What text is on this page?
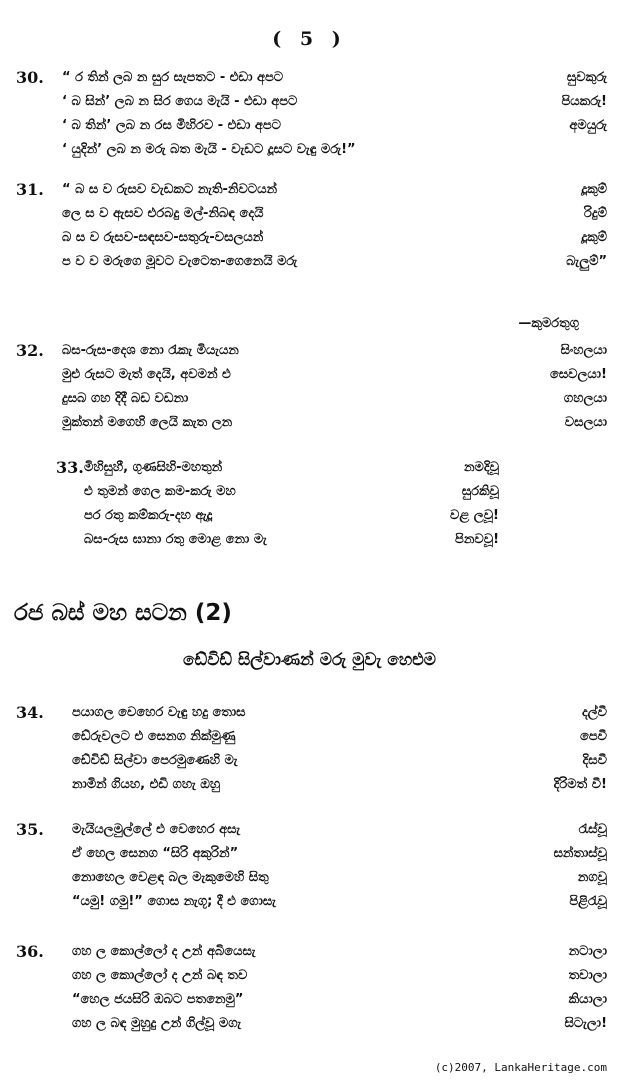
( 5 )
—කුමරතුගු
රජ බස් මහ සටන (2)
ඩේවිඩ් සිල්වාණන් මරු මුවැ හෙළුම
(c)2007, LankaHeritage.com
30. “ ර තින් ලබ න සුර සැපතට - එඩා අපට	සුවකුරු
‘ බ සින්’ ලබ න සිර ගෙය මැයි - එඩා අපට	පියකරු!
‘ බ තින්’ ලබ න රස මිහිරව - එඩා අපට	අමයුරු
‘ යුදින්’ ලබ න මරු බත මැයි - වැඩට දූසට වැඳු මරු!”
31. “ බ ස ව රුසව වැඩකට නැති-නිවටයන්	දූකුම්
ලෙ ස ව ඇසව එරබදු මල්-නිබඳ දෙයි	රිදුම්
බ ස ව රුසව-සඳසව-සතුරු-වසලයන්	දූකුම්
ප ව ව මරුගෙ මූවට වැටෙත-ගෙනෙයි මරු	බැලුම්”
32. බස-රුස-දෙශ නො රැකැ මියැයන	සිංහලයා
මුළු රුසට මැත් දෙයි, අවමන් එ	සෙවලයා!
දුසබ ගහ දිදී බඩ වඩනා	ගහලයා
මුක්තන් මගෙහි ලෙයි කැත ලන	වසලයා
33. මිහිසුහී, ගුණසිහි-මහතුන්	නමදිවූ
එ තුමන් ගෙල කම-කරු මහ	සුරකිවූ
පර රතු කම්කරු-දහ ඇදූ	වළ ලවූ!
බස-රුස ඝානා රතු මොළ නො මැ	පිනවවූ!
34. පයාගල වෙහෙර වැඳු හදු තොස	දල්වී
ඩේරුවලට එ සෙනග නික්මුණු	පෙවී
ඩේවිඩ් සිල්වා පෙරමුණෙහි මැ	දිසවී
නාමින් ගියහ, එඩි ගහැ ඔහු	දිරිමත් වී!
35. මැයියලමුල්ලේ එ වෙහෙර අසැ	රැස්වූ
ඒ හෙල සෙනග “සිරි අකුරින්”	සන්තාස්වූ
නොහෙල වෙළඳ බල මැකුමෙහි සිතු	නගවූ
“යමු! ගමු!” ගොස නැගූ; දී එ ගොසැ	පිළිරැවූ
36. ගහ ල කොල්ලෝ ද උන් අබියෙසැ	නටාලා
ගහ ල කොල්ලෝ ද උන් බඳ තව	තවාලා
“හෙල ජයසිරි ඔබට පතනෙමු”	කියාලා
ගහ ල බඳ මුහුදු උන් ගිල්වූ මගැ	සිටැලා!
